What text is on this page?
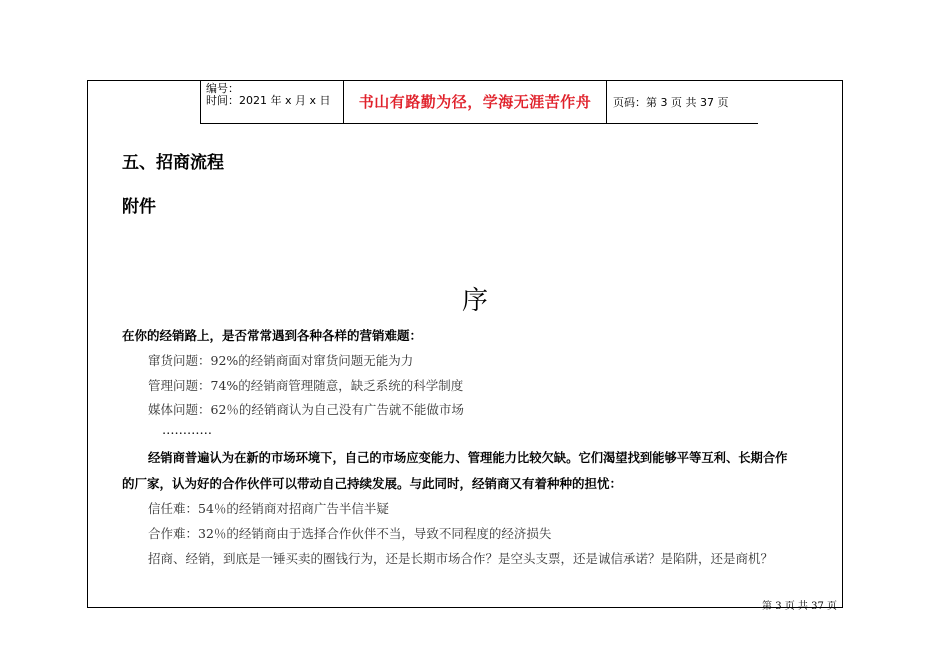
编号：
时间：2021 年 x 月 x 日	书山有路勤为径，学海无涯苦作舟 页码：第 3 页 共 37 页
五、招商流程
附件
序
在你的经销路上，是否常常遇到各种各样的营销难题：
窜货问题：92%的经销商面对窜货问题无能为力
管理问题：74%的经销商管理随意，缺乏系统的科学制度
媒体问题：62％的经销商认为自己没有广告就不能做市场
…………
经销商普遍认为在新的市场环境下，自己的市场应变能力、管理能力比较欠缺。它们渴望找到能够平等互利、长期合作
的厂家，认为好的合作伙伴可以带动自己持续发展。与此同时，经销商又有着种种的担忧：
信任难：54％的经销商对招商广告半信半疑
合作难：32％的经销商由于选择合作伙伴不当，导致不同程度的经济损失
招商、经销，到底是一锤买卖的圈钱行为，还是长期市场合作？是空头支票，还是诚信承诺？是陷阱，还是商机？
第 3 页 共 37 页
